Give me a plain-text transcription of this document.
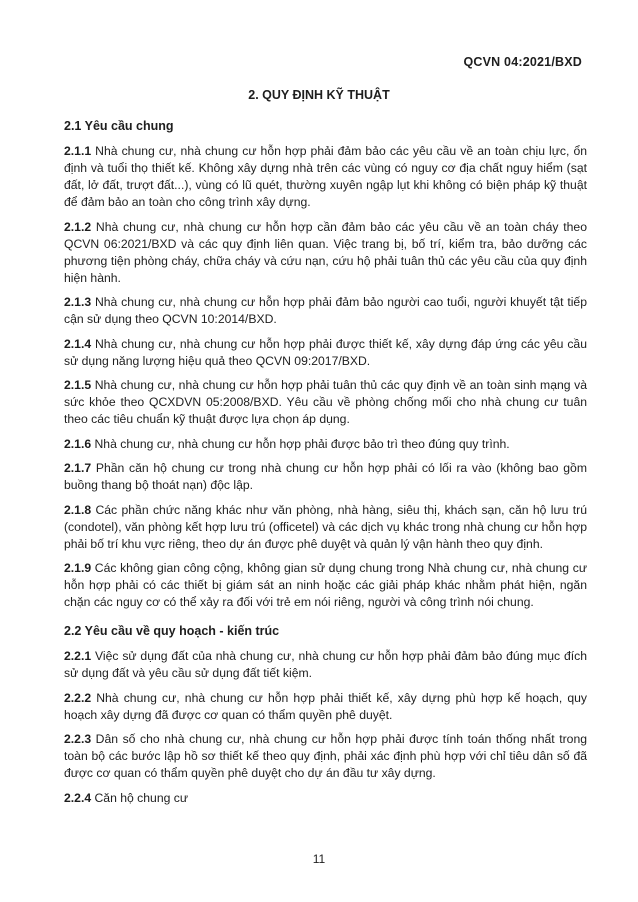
QCVN 04:2021/BXD
2. QUY ĐỊNH KỸ THUẬT
2.1 Yêu cầu chung

2.1.1 Nhà chung cư, nhà chung cư hỗn hợp phải đảm bảo các yêu cầu về an toàn chịu lực, ổn định và tuổi thọ thiết kế. Không xây dựng nhà trên các vùng có nguy cơ địa chất nguy hiểm (sạt đất, lở đất, trượt đất...), vùng có lũ quét, thường xuyên ngập lụt khi không có biện pháp kỹ thuật để đảm bảo an toàn cho công trình xây dựng.

2.1.2 Nhà chung cư, nhà chung cư hỗn hợp cần đảm bảo các yêu cầu về an toàn cháy theo QCVN 06:2021/BXD và các quy định liên quan. Việc trang bị, bố trí, kiểm tra, bảo dưỡng các phương tiện phòng cháy, chữa cháy và cứu nạn, cứu hộ phải tuân thủ các yêu cầu của quy định hiện hành.

2.1.3 Nhà chung cư, nhà chung cư hỗn hợp phải đảm bảo người cao tuổi, người khuyết tật tiếp cận sử dụng theo QCVN 10:2014/BXD.

2.1.4 Nhà chung cư, nhà chung cư hỗn hợp phải được thiết kế, xây dựng đáp ứng các yêu cầu sử dụng năng lượng hiệu quả theo QCVN 09:2017/BXD.

2.1.5 Nhà chung cư, nhà chung cư hỗn hợp phải tuân thủ các quy định về an toàn sinh mạng và sức khỏe theo QCXDVN 05:2008/BXD. Yêu cầu về phòng chống mối cho nhà chung cư tuân theo các tiêu chuẩn kỹ thuật được lựa chọn áp dụng.

2.1.6 Nhà chung cư, nhà chung cư hỗn hợp phải được bảo trì theo đúng quy trình.

2.1.7 Phần căn hộ chung cư trong nhà chung cư hỗn hợp phải có lối ra vào (không bao gồm buồng thang bộ thoát nạn) độc lập.

2.1.8 Các phần chức năng khác như văn phòng, nhà hàng, siêu thị, khách sạn, căn hộ lưu trú (condotel), văn phòng kết hợp lưu trú (officetel) và các dịch vụ khác trong nhà chung cư hỗn hợp phải bố trí khu vực riêng, theo dự án được phê duyệt và quản lý vận hành theo quy định.

2.1.9 Các không gian công cộng, không gian sử dụng chung trong Nhà chung cư, nhà chung cư hỗn hợp phải có các thiết bị giám sát an ninh hoặc các giải pháp khác nhằm phát hiện, ngăn chặn các nguy cơ có thể xảy ra đối với trẻ em nói riêng, người và công trình nói chung.

2.2 Yêu cầu về quy hoạch - kiến trúc

2.2.1 Việc sử dụng đất của nhà chung cư, nhà chung cư hỗn hợp phải đảm bảo đúng mục đích sử dụng đất và yêu cầu sử dụng đất tiết kiệm.

2.2.2 Nhà chung cư, nhà chung cư hỗn hợp phải thiết kế, xây dựng phù hợp kế hoạch, quy hoạch xây dựng đã được cơ quan có thẩm quyền phê duyệt.

2.2.3 Dân số cho nhà chung cư, nhà chung cư hỗn hợp phải được tính toán thống nhất trong toàn bộ các bước lập hồ sơ thiết kế theo quy định, phải xác định phù hợp với chỉ tiêu dân số đã được cơ quan có thẩm quyền phê duyệt cho dự án đầu tư xây dựng.

2.2.4 Căn hộ chung cư

11
